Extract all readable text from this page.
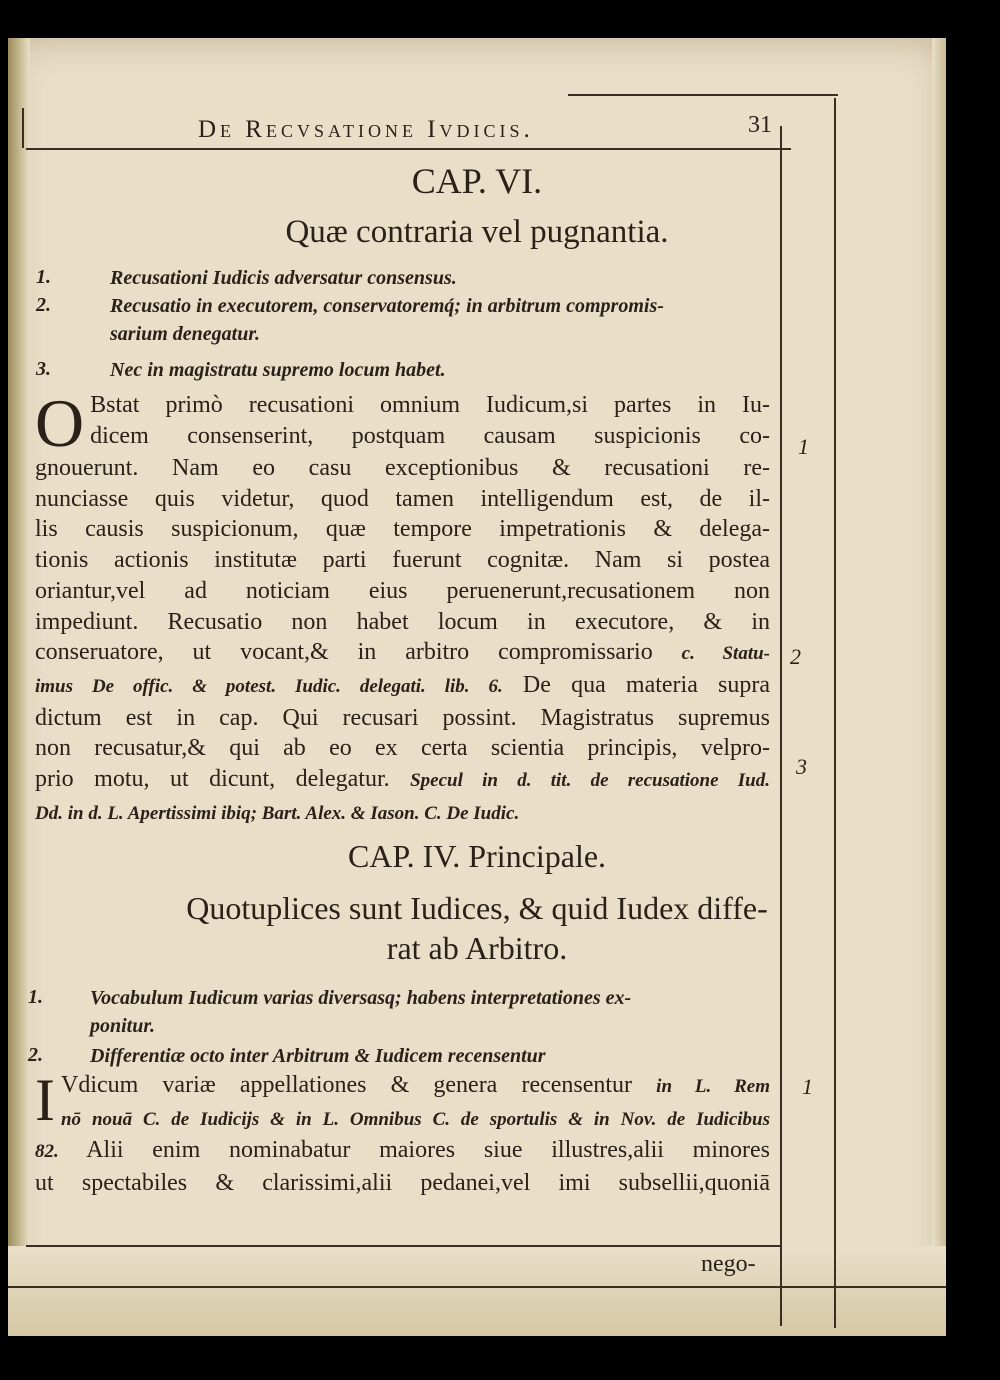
De Recvsatione Ivdicis.	31
CAP. VI.
Quæ contraria vel pugnantia.
1.	Recusationi Iudicis adversatur consensus.
2.	Recusatio in executorem, conservatoremq́; in arbitrum compromis-
sarium denegatur.
3.	Nec in magistratu supremo locum habet.
O Bstat primò recusationi omnium Iudicum,si partes in Iu-
dicem consenserint, postquam causam suspicionis co-
gnouerunt. Nam eo casu exceptionibus & recusationi re-
nunciasse quis videtur, quod tamen intelligendum est, de il-
lis causis suspicionum, quæ tempore impetrationis & delega-
tionis actionis institutæ parti fuerunt cognitæ. Nam si postea
oriantur,vel ad noticiam eius peruenerunt,recusationem non
impediunt. Recusatio non habet locum in executore, & in
conseruatore, ut vocant,& in arbitro compromissario c. Statu-
imus De offic. & potest. Iudic. delegati. lib. 6. De qua materia supra
dictum est in cap. Qui recusari possint. Magistratus supremus
non recusatur,& qui ab eo ex certa scientia principis, velpro-
prio motu, ut dicunt, delegatur. Specul in d. tit. de recusatione Iud.
Dd. in d. L. Apertissimi ibiq; Bart. Alex. & Iason. C. De Iudic.
1
2
3
CAP. IV. Principale.
Quotuplices sunt Iudices, & quid Iudex diffe-
rat ab Arbitro.
1. Vocabulum Iudicum varias diversasq; habens interpretationes ex-
ponitur.
2. Differentiæ octo inter Arbitrum & Iudicem recensentur
I Vdicum variæ appellationes & genera recensentur in L. Rem
nō nouā C. de Iudicijs & in L. Omnibus C. de sportulis & in Nov. de Iudicibus
82. Alii enim nominabatur maiores siue illustres,alii minores
ut spectabiles & clarissimi,alii pedanei,vel imi subsellii,quoniā
1
nego-
